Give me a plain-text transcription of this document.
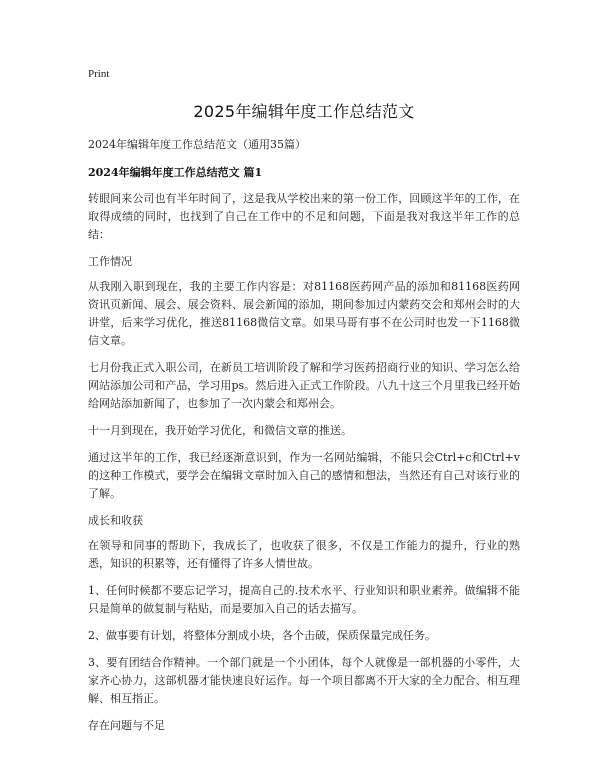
Print
2025年编辑年度工作总结范文
2024年编辑年度工作总结范文（通用35篇）
2024年编辑年度工作总结范文 篇1

转眼间来公司也有半年时间了，这是我从学校出来的第一份工作，回顾这半年的工作，在取得成绩的同时，也找到了自己在工作中的不足和问题，下面是我对我这半年工作的总结：

工作情况

从我刚入职到现在，我的主要工作内容是：对81168医药网产品的添加和81168医药网资讯页新闻、展会、展会资料、展会新闻的添加，期间参加过内蒙药交会和郑州会时的大讲堂，后来学习优化，推送81168微信文章。如果马哥有事不在公司时也发一下1168微信文章。

七月份我正式入职公司，在新员工培训阶段了解和学习医药招商行业的知识、学习怎么给网站添加公司和产品，学习用ps。然后进入正式工作阶段。八九十这三个月里我已经开始给网站添加新闻了，也参加了一次内蒙会和郑州会。

十一月到现在，我开始学习优化，和微信文章的推送。

通过这半年的工作，我已经逐渐意识到，作为一名网站编辑，不能只会Ctrl+c和Ctrl+v的这种工作模式，要学会在编辑文章时加入自己的感情和想法，当然还有自己对该行业的了解。

成长和收获

在领导和同事的帮助下，我成长了，也收获了很多，不仅是工作能力的提升，行业的熟悉，知识的积累等，还有懂得了许多人情世故。

1、任何时候都不要忘记学习，提高自己的.技术水平、行业知识和职业素养。做编辑不能只是简单的做复制与粘贴，而是要加入自己的话去描写。

2、做事要有计划，将整体分割成小块，各个击破，保质保量完成任务。

3、要有团结合作精神。一个部门就是一个小团体，每个人就像是一部机器的小零件，大家齐心协力，这部机器才能快速良好运作。每一个项目都离不开大家的全力配合、相互理解、相互指正。

存在问题与不足
